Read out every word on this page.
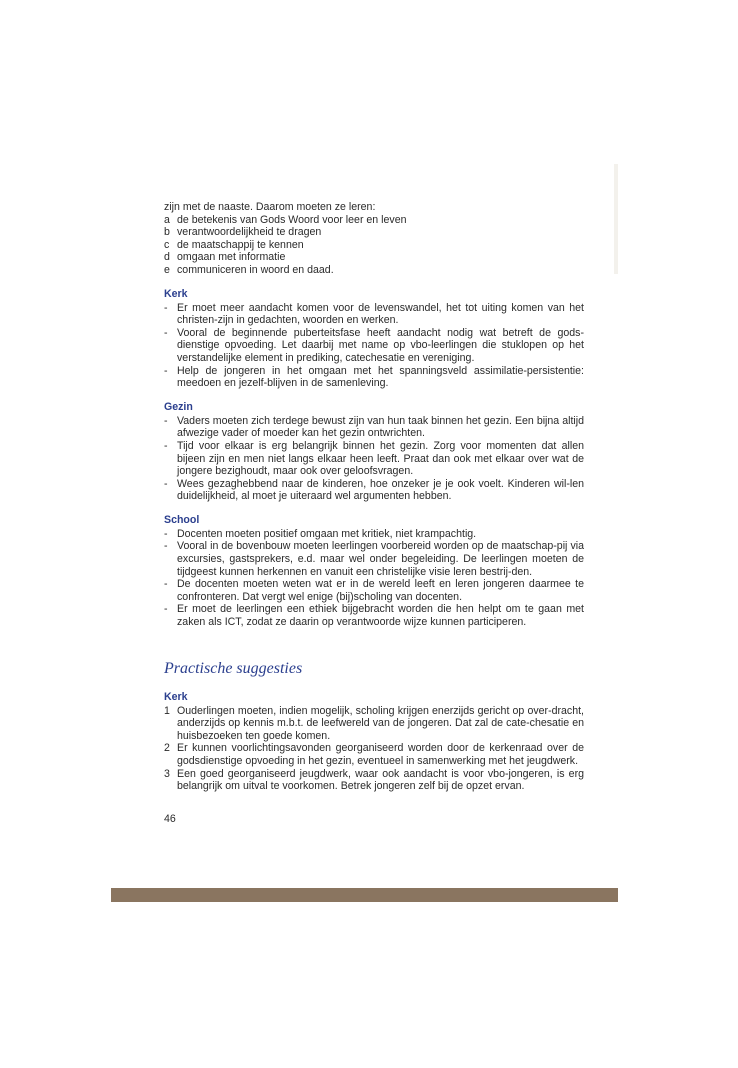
zijn met de naaste. Daarom moeten ze leren:
a de betekenis van Gods Woord voor leer en leven
b verantwoordelijkheid te dragen
c de maatschappij te kennen
d omgaan met informatie
e communiceren in woord en daad.
Kerk
- Er moet meer aandacht komen voor de levenswandel, het tot uiting komen van het christen-zijn in gedachten, woorden en werken.
- Vooral de beginnende puberteitsfase heeft aandacht nodig wat betreft de gods-dienstige opvoeding. Let daarbij met name op vbo-leerlingen die stuklopen op het verstandelijke element in prediking, catechesatie en vereniging.
- Help de jongeren in het omgaan met het spanningsveld assimilatie-persistentie: meedoen en jezelf-blijven in de samenleving.
Gezin
- Vaders moeten zich terdege bewust zijn van hun taak binnen het gezin. Een bijna altijd afwezige vader of moeder kan het gezin ontwrichten.
- Tijd voor elkaar is erg belangrijk binnen het gezin. Zorg voor momenten dat allen bijeen zijn en men niet langs elkaar heen leeft. Praat dan ook met elkaar over wat de jongere bezighoudt, maar ook over geloofsvragen.
- Wees gezaghebbend naar de kinderen, hoe onzeker je je ook voelt. Kinderen wil-len duidelijkheid, al moet je uiteraard wel argumenten hebben.
School
- Docenten moeten positief omgaan met kritiek, niet krampachtig.
- Vooral in de bovenbouw moeten leerlingen voorbereid worden op de maatschap-pij via excursies, gastsprekers, e.d. maar wel onder begeleiding. De leerlingen moeten de tijdgeest kunnen herkennen en vanuit een christelijke visie leren bestrij-den.
- De docenten moeten weten wat er in de wereld leeft en leren jongeren daarmee te confronteren. Dat vergt wel enige (bij)scholing van docenten.
- Er moet de leerlingen een ethiek bijgebracht worden die hen helpt om te gaan met zaken als ICT, zodat ze daarin op verantwoorde wijze kunnen participeren.
Practische suggesties
Kerk
1 Ouderlingen moeten, indien mogelijk, scholing krijgen enerzijds gericht op over-dracht, anderzijds op kennis m.b.t. de leefwereld van de jongeren. Dat zal de cate-chesatie en huisbezoeken ten goede komen.
2 Er kunnen voorlichtingsavonden georganiseerd worden door de kerkenraad over de godsdienstige opvoeding in het gezin, eventueel in samenwerking met het jeugdwerk.
3 Een goed georganiseerd jeugdwerk, waar ook aandacht is voor vbo-jongeren, is erg belangrijk om uitval te voorkomen. Betrek jongeren zelf bij de opzet ervan.
46
